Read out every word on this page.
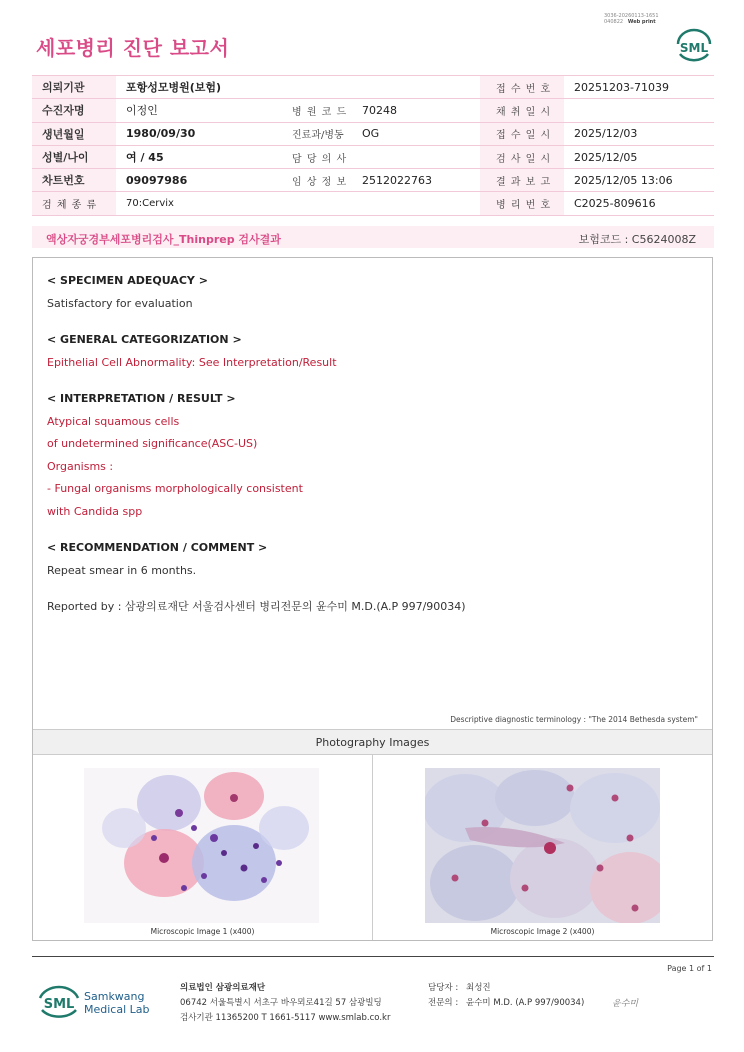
3036-20260113-1651
040822 Web print
세포병리 진단 보고서	SML
의뢰기관	포항성모병원(보험)			접 수 번 호	20251203-71039
수진자명	이정인	병 원 코 드	70248	채 취 일 시	
생년월일	1980/09/30	진료과/병동	OG	접 수 일 시	2025/12/03
성별/나이	여 / 45	담 당 의 사		검 사 일 시	2025/12/05
차트번호	09097986	임 상 정 보	2512022763	결 과 보 고	2025/12/05 13:06
검 체 종 류	70:Cervix			병 리 번 호	C2025-809616
액상자궁경부세포병리검사_Thinprep 검사결과	보험코드 : C5624008Z
< SPECIMEN ADEQUACY >
Satisfactory for evaluation
< GENERAL CATEGORIZATION >
Epithelial Cell Abnormality: See Interpretation/Result
< INTERPRETATION / RESULT >
Atypical squamous cells
of undetermined significance(ASC-US)
Organisms :
- Fungal organisms morphologically consistent
with Candida spp
< RECOMMENDATION / COMMENT >
Repeat smear in 6 months.
Reported by : 삼광의료재단 서울검사센터 병리전문의 윤수미 M.D.(A.P 997/90034)
Descriptive diagnostic terminology : "The 2014 Bethesda system"
Photography Images
Microscopic Image 1 (x400)	Microscopic Image 2 (x400)
Page 1 of 1
SML
Samkwang
Medical Lab
의료법인 삼광의료재단
06742 서울특별시 서초구 바우뫼로41길 57 삼광빌딩
검사기관 11365200 T 1661-5117 www.smlab.co.kr
담당자 : 최성진
전문의 : 윤수미 M.D. (A.P 997/90034)	윤수미
